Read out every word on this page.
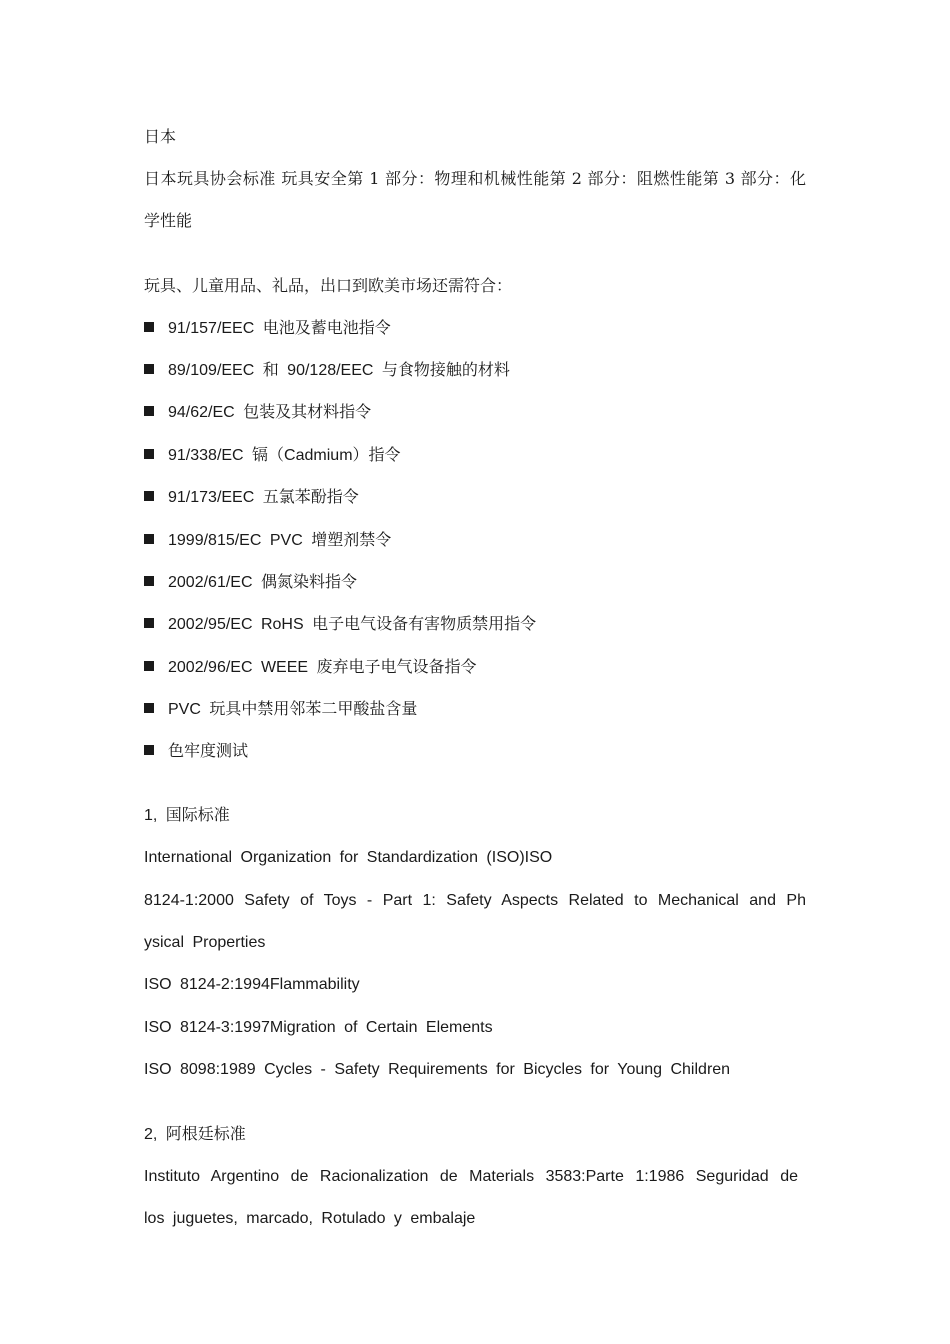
日本
日本玩具协会标准 玩具安全第 1 部分：物理和机械性能第 2 部分：阻燃性能第 3 部分：化
学性能
玩具、儿童用品、礼品，出口到欧美市场还需符合：
91/157/EEC 电池及蓄电池指令
89/109/EEC 和 90/128/EEC 与食物接触的材料
94/62/EC 包装及其材料指令
91/338/EC 镉（Cadmium）指令
91/173/EEC 五氯苯酚指令
1999/815/EC PVC 增塑剂禁令
2002/61/EC 偶氮染料指令
2002/95/EC RoHS 电子电气设备有害物质禁用指令
2002/96/EC WEEE 废弃电子电气设备指令
PVC 玩具中禁用邻苯二甲酸盐含量
色牢度测试
1, 国际标准
International Organization for Standardization (ISO)ISO
8124-1:2000 Safety of Toys - Part 1: Safety Aspects Related to Mechanical and Ph
ysical Properties
ISO 8124-2:1994Flammability
ISO 8124-3:1997Migration of Certain Elements
ISO 8098:1989 Cycles - Safety Requirements for Bicycles for Young Children
2, 阿根廷标准
Instituto Argentino de Racionalization de Materials 3583:Parte 1:1986 Seguridad de
los juguetes, marcado, Rotulado y embalaje
